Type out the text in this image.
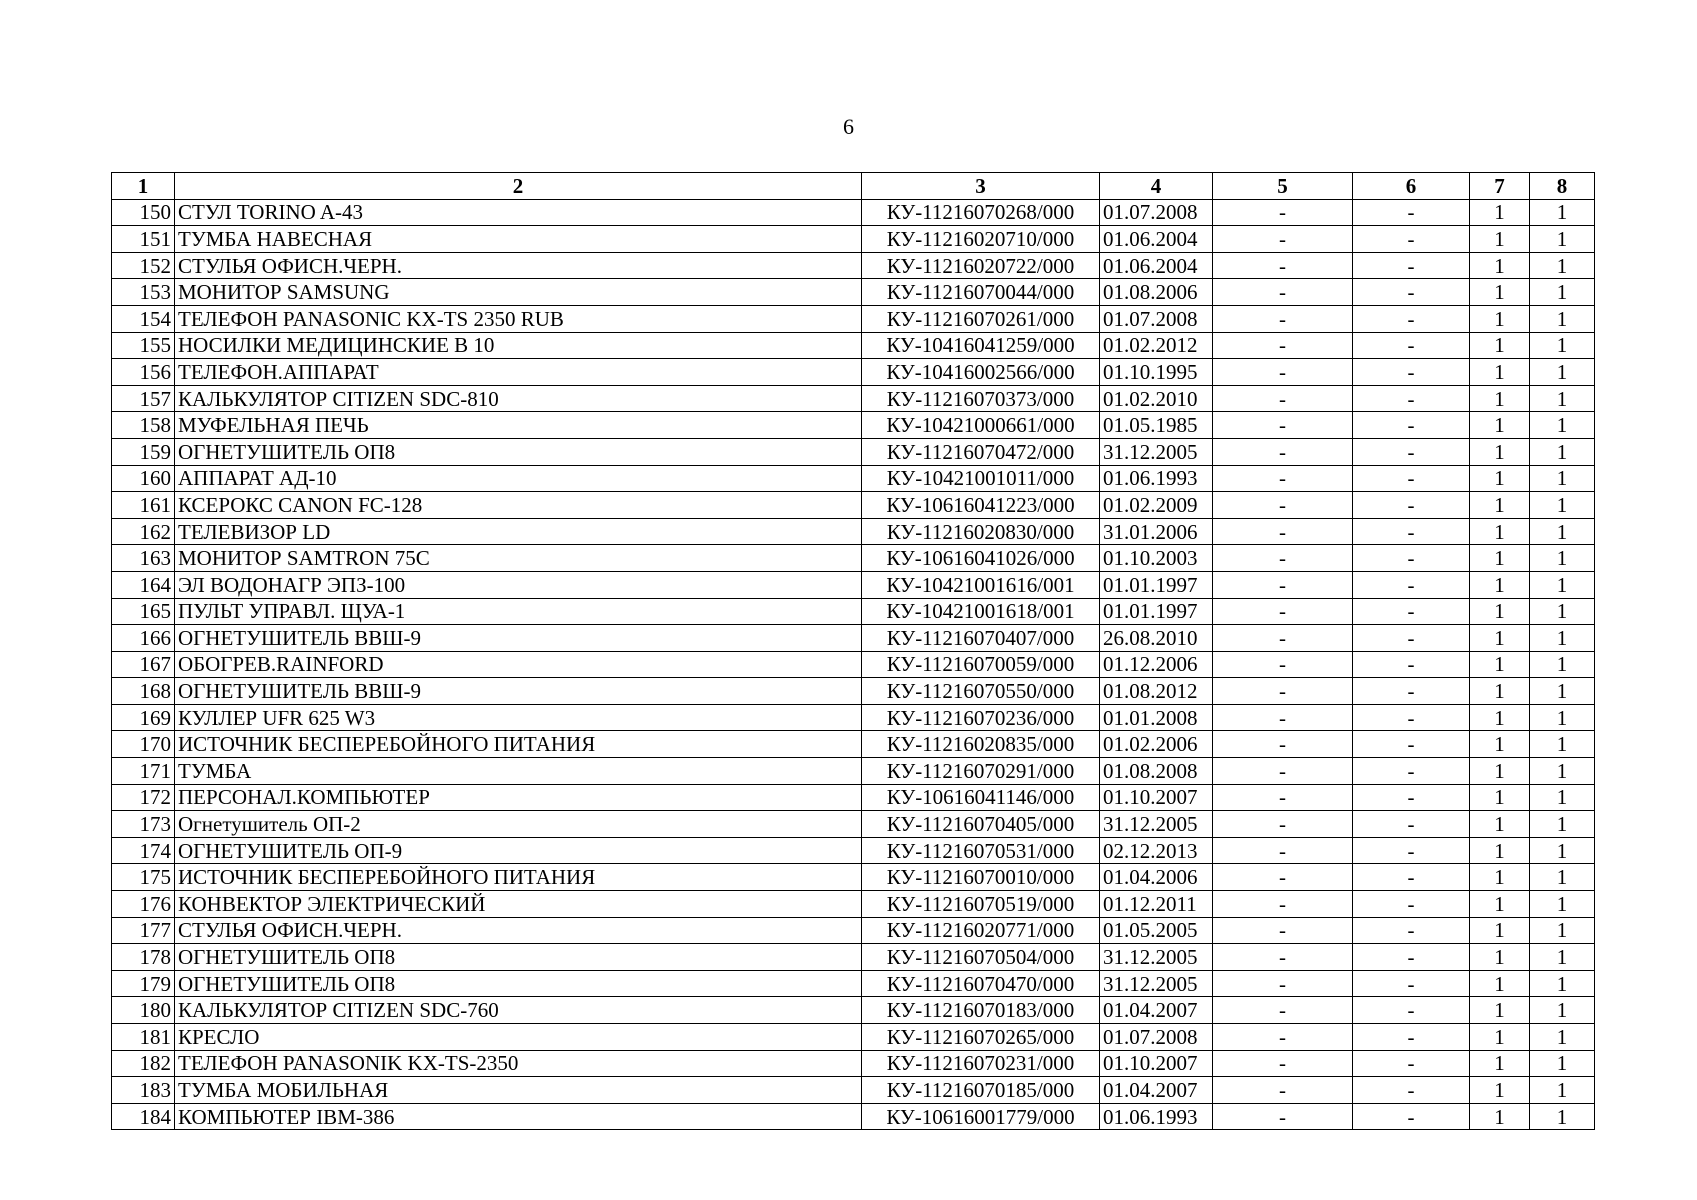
6
1	2	3	4	5	6	7	8
150	СТУЛ TORINO A-43	КУ-11216070268/000	01.07.2008	-	-	1	1
151	ТУМБА НАВЕСНАЯ	КУ-11216020710/000	01.06.2004	-	-	1	1
152	СТУЛЬЯ ОФИСН.ЧЕРН.	КУ-11216020722/000	01.06.2004	-	-	1	1
153	МОНИТОР SAMSUNG	КУ-11216070044/000	01.08.2006	-	-	1	1
154	ТЕЛЕФОН PANASONIC KX-TS 2350 RUB	КУ-11216070261/000	01.07.2008	-	-	1	1
155	НОСИЛКИ МЕДИЦИНСКИЕ В 10	КУ-10416041259/000	01.02.2012	-	-	1	1
156	ТЕЛЕФОН.АППАРАТ	КУ-10416002566/000	01.10.1995	-	-	1	1
157	КАЛЬКУЛЯТОР CITIZEN SDC-810	КУ-11216070373/000	01.02.2010	-	-	1	1
158	МУФЕЛЬНАЯ ПЕЧЬ	КУ-10421000661/000	01.05.1985	-	-	1	1
159	ОГНЕТУШИТЕЛЬ ОП8	КУ-11216070472/000	31.12.2005	-	-	1	1
160	АППАРАТ АД-10	КУ-10421001011/000	01.06.1993	-	-	1	1
161	КСЕРОКС CANON FC-128	КУ-10616041223/000	01.02.2009	-	-	1	1
162	ТЕЛЕВИЗОР LD	КУ-11216020830/000	31.01.2006	-	-	1	1
163	МОНИТОР SAMTRON 75C	КУ-10616041026/000	01.10.2003	-	-	1	1
164	ЭЛ ВОДОНАГР ЭПЗ-100	КУ-10421001616/001	01.01.1997	-	-	1	1
165	ПУЛЬТ УПРАВЛ. ЩУА-1	КУ-10421001618/001	01.01.1997	-	-	1	1
166	ОГНЕТУШИТЕЛЬ ВВШ-9	КУ-11216070407/000	26.08.2010	-	-	1	1
167	ОБОГРЕВ.RAINFORD	КУ-11216070059/000	01.12.2006	-	-	1	1
168	ОГНЕТУШИТЕЛЬ ВВШ-9	КУ-11216070550/000	01.08.2012	-	-	1	1
169	КУЛЛЕР UFR 625 W3	КУ-11216070236/000	01.01.2008	-	-	1	1
170	ИСТОЧНИК БЕСПЕРЕБОЙНОГО ПИТАНИЯ	КУ-11216020835/000	01.02.2006	-	-	1	1
171	ТУМБА	КУ-11216070291/000	01.08.2008	-	-	1	1
172	ПЕРСОНАЛ.КОМПЬЮТЕР	КУ-10616041146/000	01.10.2007	-	-	1	1
173	Огнетушитель ОП-2	КУ-11216070405/000	31.12.2005	-	-	1	1
174	ОГНЕТУШИТЕЛЬ ОП-9	КУ-11216070531/000	02.12.2013	-	-	1	1
175	ИСТОЧНИК БЕСПЕРЕБОЙНОГО ПИТАНИЯ	КУ-11216070010/000	01.04.2006	-	-	1	1
176	КОНВЕКТОР ЭЛЕКТРИЧЕСКИЙ	КУ-11216070519/000	01.12.2011	-	-	1	1
177	СТУЛЬЯ ОФИСН.ЧЕРН.	КУ-11216020771/000	01.05.2005	-	-	1	1
178	ОГНЕТУШИТЕЛЬ ОП8	КУ-11216070504/000	31.12.2005	-	-	1	1
179	ОГНЕТУШИТЕЛЬ ОП8	КУ-11216070470/000	31.12.2005	-	-	1	1
180	КАЛЬКУЛЯТОР CITIZEN SDC-760	КУ-11216070183/000	01.04.2007	-	-	1	1
181	КРЕСЛО	КУ-11216070265/000	01.07.2008	-	-	1	1
182	ТЕЛЕФОН PANASONIK KX-TS-2350	КУ-11216070231/000	01.10.2007	-	-	1	1
183	ТУМБА МОБИЛЬНАЯ	КУ-11216070185/000	01.04.2007	-	-	1	1
184	КОМПЬЮТЕР IBM-386	КУ-10616001779/000	01.06.1993	-	-	1	1
